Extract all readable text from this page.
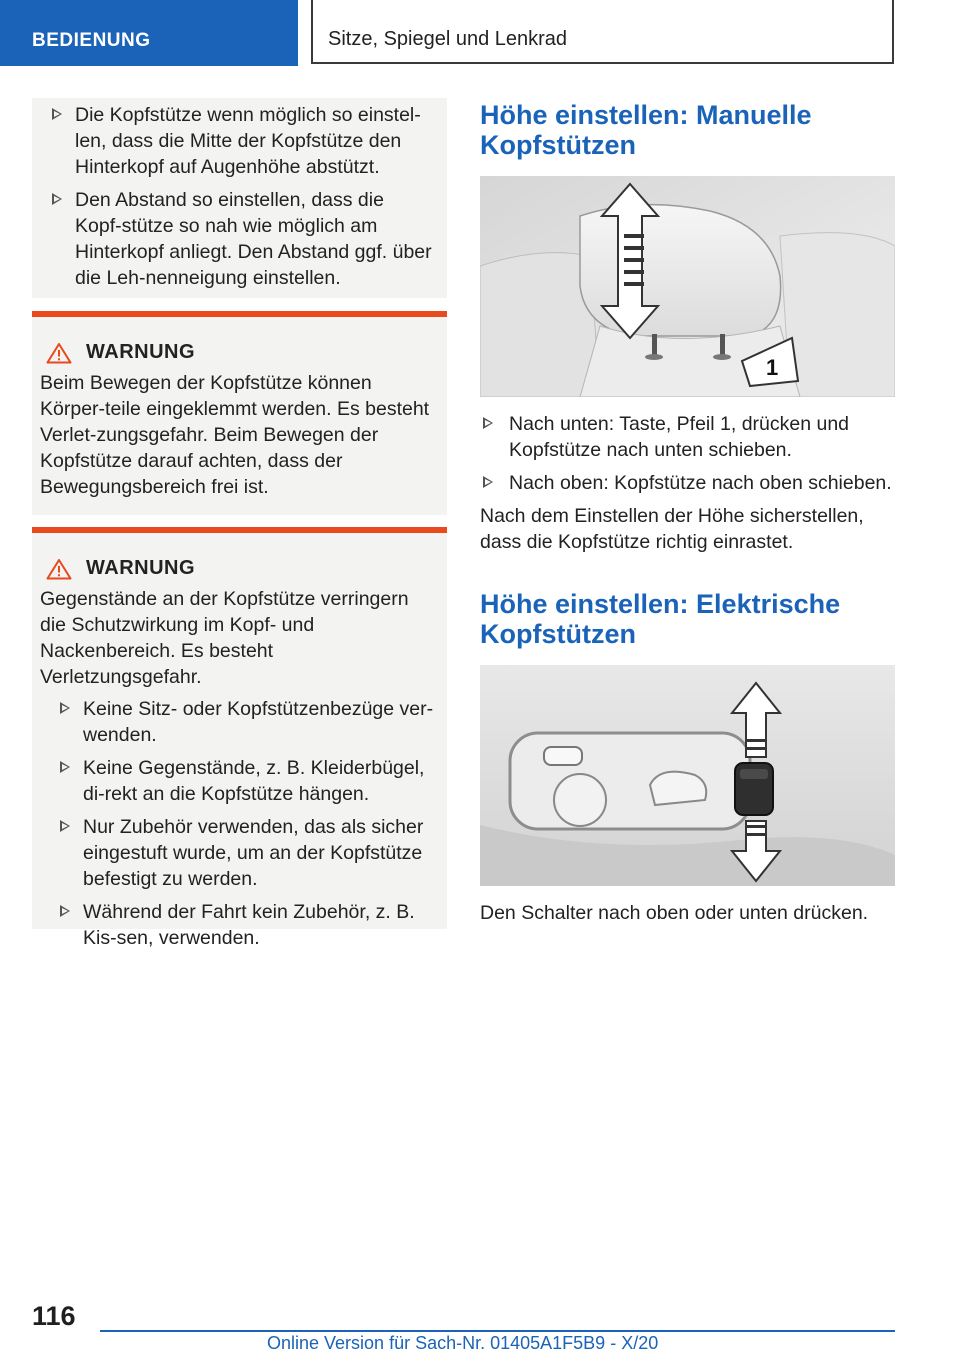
BEDIENUNG	Sitze, Spiegel und Lenkrad
Die Kopfstütze wenn möglich so einstel-len, dass die Mitte der Kopfstütze den Hinterkopf auf Augenhöhe abstützt.
Den Abstand so einstellen, dass die Kopf-stütze so nah wie möglich am Hinterkopf anliegt. Den Abstand ggf. über die Leh-nenneigung einstellen.
WARNUNG

Beim Bewegen der Kopfstütze können Körper-teile eingeklemmt werden. Es besteht Verlet-zungsgefahr. Beim Bewegen der Kopfstütze darauf achten, dass der Bewegungsbereich frei ist.

WARNUNG

Gegenstände an der Kopfstütze verringern die Schutzwirkung im Kopf- und Nackenbereich. Es besteht Verletzungsgefahr.

Keine Sitz- oder Kopfstützenbezüge ver-wenden.
Keine Gegenstände, z. B. Kleiderbügel, di-rekt an die Kopfstütze hängen.
Nur Zubehör verwenden, das als sicher eingestuft wurde, um an der Kopfstütze befestigt zu werden.
Während der Fahrt kein Zubehör, z. B. Kis-sen, verwenden.
Höhe einstellen: Manuelle Kopfstützen
1
Nach unten: Taste, Pfeil 1, drücken und Kopfstütze nach unten schieben.
Nach oben: Kopfstütze nach oben schieben.

Nach dem Einstellen der Höhe sicherstellen, dass die Kopfstütze richtig einrastet.

Höhe einstellen: Elektrische Kopfstützen

Den Schalter nach oben oder unten drücken.

116
Online Version für Sach-Nr. 01405A1F5B9 - X/20
